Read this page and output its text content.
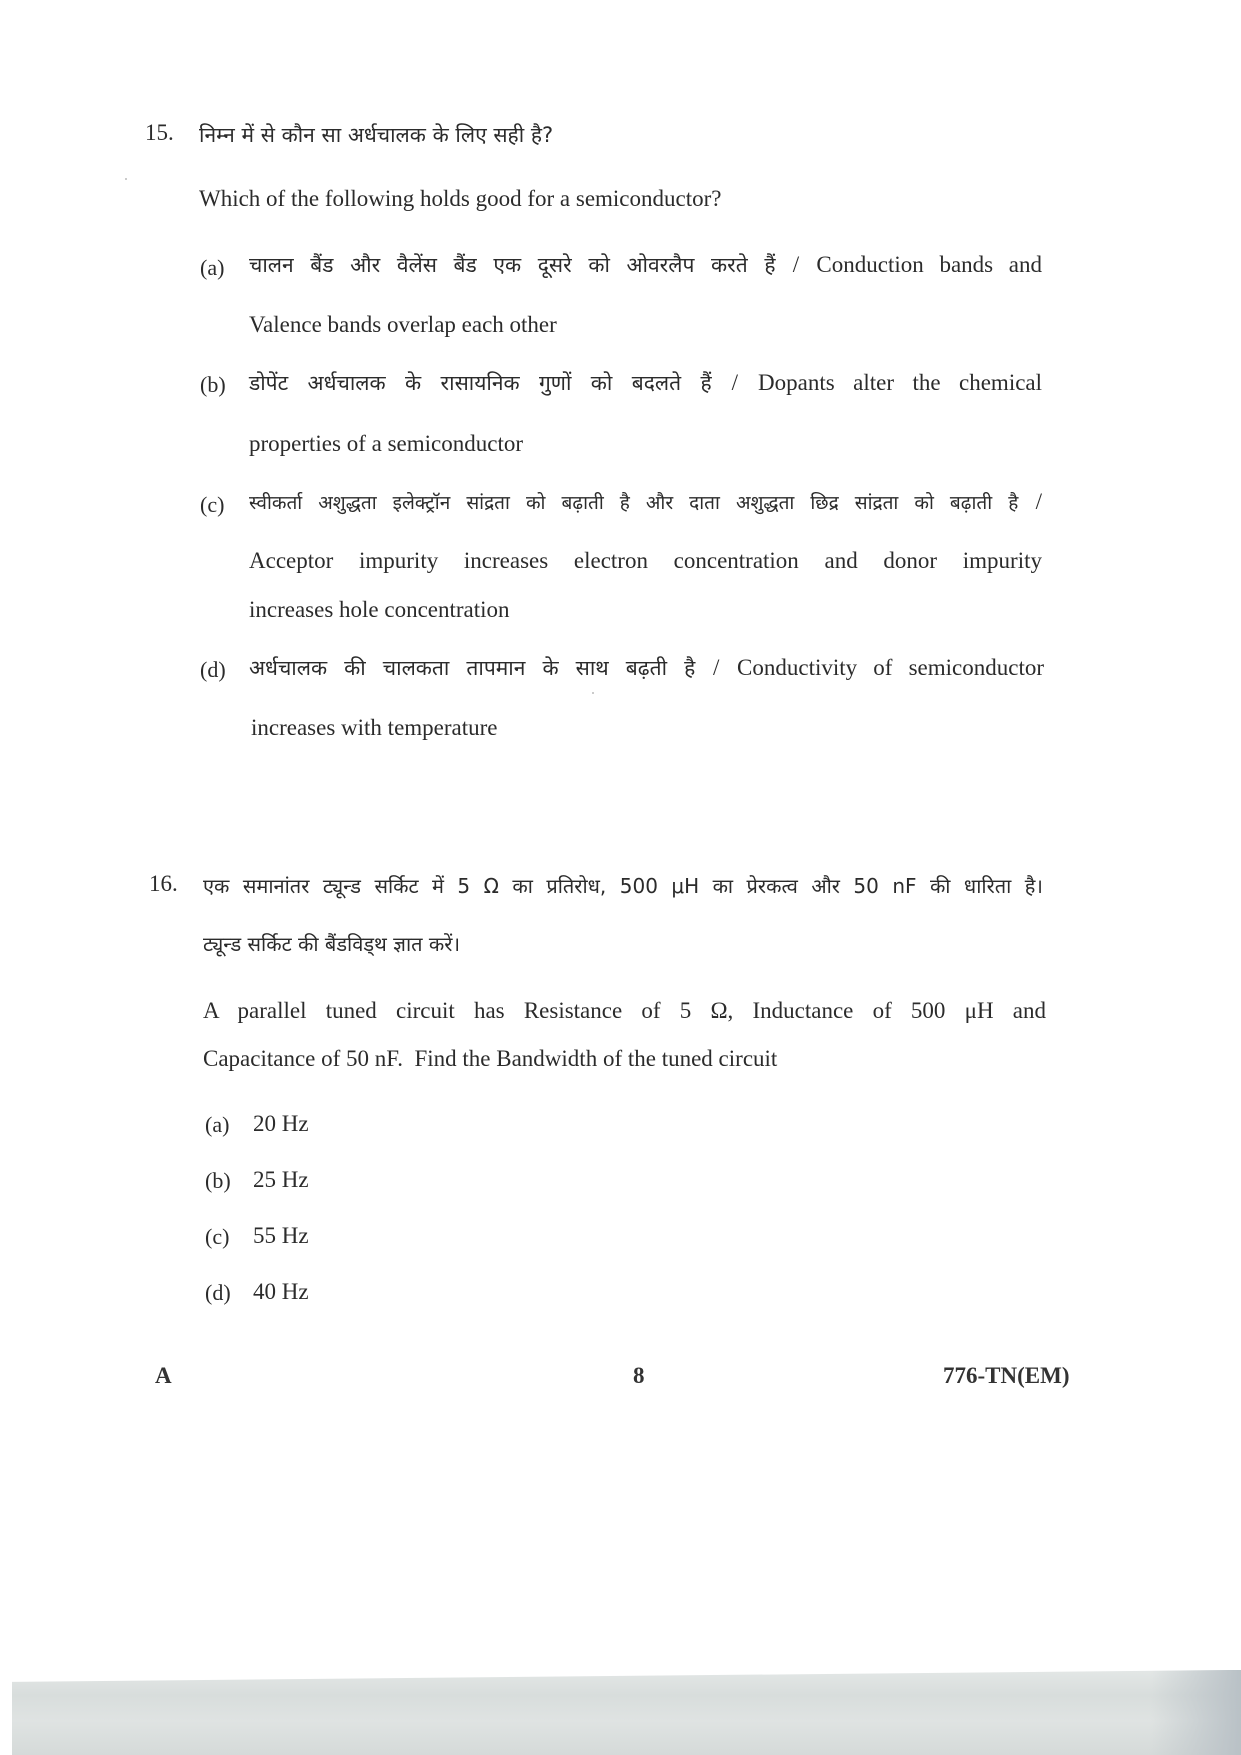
15. निम्न में से कौन सा अर्धचालक के लिए सही है?
Which of the following holds good for a semiconductor?
(a) चालन बैंड और वैलेंस बैंड एक दूसरे को ओवरलैप करते हैं / Conduction bands and
Valence bands overlap each other
(b) डोपेंट अर्धचालक के रासायनिक गुणों को बदलते हैं / Dopants alter the chemical
properties of a semiconductor
(c) स्वीकर्ता अशुद्धता इलेक्ट्रॉन सांद्रता को बढ़ाती है और दाता अशुद्धता छिद्र सांद्रता को बढ़ाती है /
Acceptor impurity increases electron concentration and donor impurity
increases hole concentration
(d) अर्धचालक की चालकता तापमान के साथ बढ़ती है / Conductivity of semiconductor
increases with temperature
16. एक समानांतर ट्यून्ड सर्किट में 5 Ω का प्रतिरोध, 500 μH का प्रेरकत्व और 50 nF की धारिता है।
ट्यून्ड सर्किट की बैंडविड्थ ज्ञात करें।
A parallel tuned circuit has Resistance of 5 Ω, Inductance of 500 μH and
Capacitance of 50 nF.  Find the Bandwidth of the tuned circuit
(a) 20 Hz
(b) 25 Hz
(c) 55 Hz
(d) 40 Hz
A	8	776-TN(EM)
